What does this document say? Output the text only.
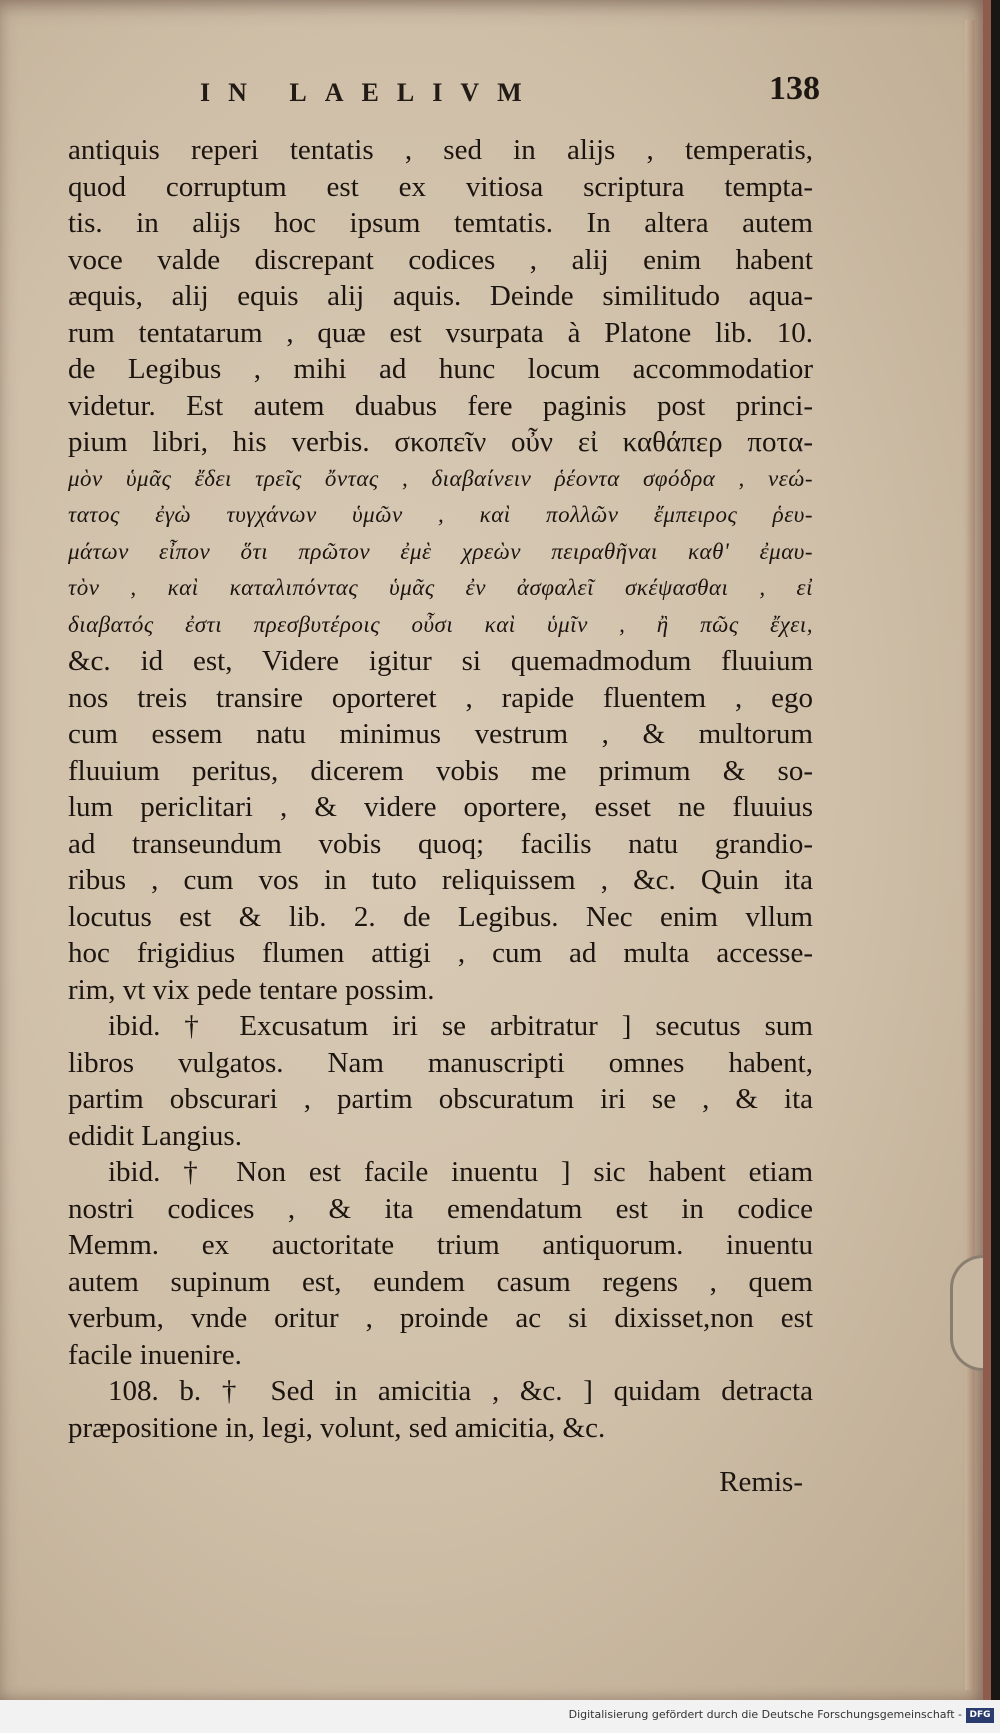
IN LAELIVM	138
antiquis reperi tentatis , sed in alijs , temperatis,
quod corruptum est ex vitiosa scriptura tempta-
tis. in alijs hoc ipsum temtatis. In altera autem
voce valde discrepant codices , alij enim habent
æquis, alij equis alij aquis. Deinde similitudo aqua-
rum tentatarum , quæ est vsurpata à Platone lib. 10.
de Legibus , mihi ad hunc locum accommodatior
videtur. Est autem duabus fere paginis post princi-
pium libri, his verbis. σκοπεῖν οὖν εἰ καθάπερ ποτα-
μὸν ὑμᾶς ἔδει τρεῖς ὄντας , διαβαίνειν ῥέοντα σφόδρα , νεώ-
τατος ἐγὼ τυγχάνων ὑμῶν , καὶ πολλῶν ἔμπειρος ῥευ-
μάτων εἶπον ὅτι πρῶτον ἐμὲ χρεὼν πειραθῆναι καθ' ἐμαυ-
τὸν , καὶ καταλιπόντας ὑμᾶς ἐν ἀσφαλεῖ σκέψασθαι , εἰ
διαβατός ἐστι πρεσβυτέροις οὖσι καὶ ὑμῖν , ἢ πῶς ἔχει,
&c. id est, Videre igitur si quemadmodum fluuium
nos treis transire oporteret , rapide fluentem , ego
cum essem natu minimus vestrum , & multorum
fluuium peritus, dicerem vobis me primum & so-
lum periclitari , & videre oportere, esset ne fluuius
ad transeundum vobis quoq; facilis natu grandio-
ribus , cum vos in tuto reliquissem , &c. Quin ita
locutus est & lib. 2. de Legibus. Nec enim vllum
hoc frigidius flumen attigi , cum ad multa accesse-
rim, vt vix pede tentare possim.
ibid. † Excusatum iri se arbitratur ] secutus sum
libros vulgatos. Nam manuscripti omnes habent,
partim obscurari , partim obscuratum iri se , & ita
edidit Langius.
ibid. † Non est facile inuentu ] sic habent etiam
nostri codices , & ita emendatum est in codice
Memm. ex auctoritate trium antiquorum. inuentu
autem supinum est, eundem casum regens , quem
verbum, vnde oritur , proinde ac si dixisset,non est
facile inuenire.
108. b. † Sed in amicitia , &c. ] quidam detracta
præpositione in, legi, volunt, sed amicitia, &c.
Remis-
Digitalisierung gefördert durch die Deutsche Forschungsgemeinschaft - DFG
